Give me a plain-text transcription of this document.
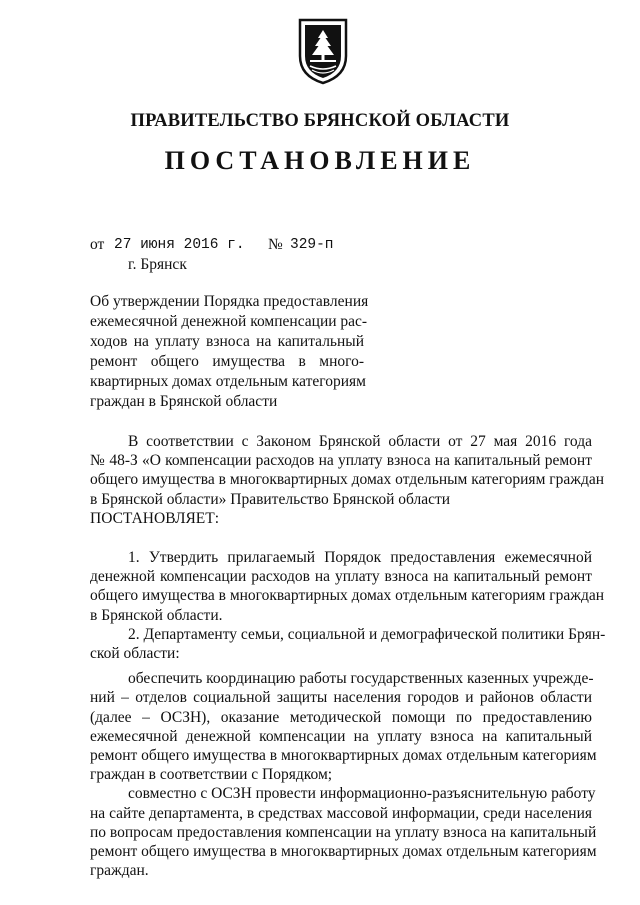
ПРАВИТЕЛЬСТВО БРЯНСКОЙ ОБЛАСТИ
ПОСТАНОВЛЕНИЕ
от 27 июня 2016 г. № 329-п
г. Брянск
Об утверждении Порядка предоставления
ежемесячной денежной компенсации рас-
ходов на уплату взноса на капитальный
ремонт общего имущества в много-
квартирных домах отдельным категориям
граждан в Брянской области
В соответствии с Законом Брянской области от 27 мая 2016 года
№ 48-З «О компенсации расходов на уплату взноса на капитальный ремонт
общего имущества в многоквартирных домах отдельным категориям граждан
в Брянской области» Правительство Брянской области
ПОСТАНОВЛЯЕТ:
1. Утвердить прилагаемый Порядок предоставления ежемесячной
денежной компенсации расходов на уплату взноса на капитальный ремонт
общего имущества в многоквартирных домах отдельным категориям граждан
в Брянской области.
2. Департаменту семьи, социальной и демографической политики Брян-
ской области:
обеспечить координацию работы государственных казенных учрежде-
ний – отделов социальной защиты населения городов и районов области
(далее – ОСЗН), оказание методической помощи по предоставлению
ежемесячной денежной компенсации на уплату взноса на капитальный
ремонт общего имущества в многоквартирных домах отдельным категориям
граждан в соответствии с Порядком;
совместно с ОСЗН провести информационно-разъяснительную работу
на сайте департамента, в средствах массовой информации, среди населения
по вопросам предоставления компенсации на уплату взноса на капитальный
ремонт общего имущества в многоквартирных домах отдельным категориям
граждан.
